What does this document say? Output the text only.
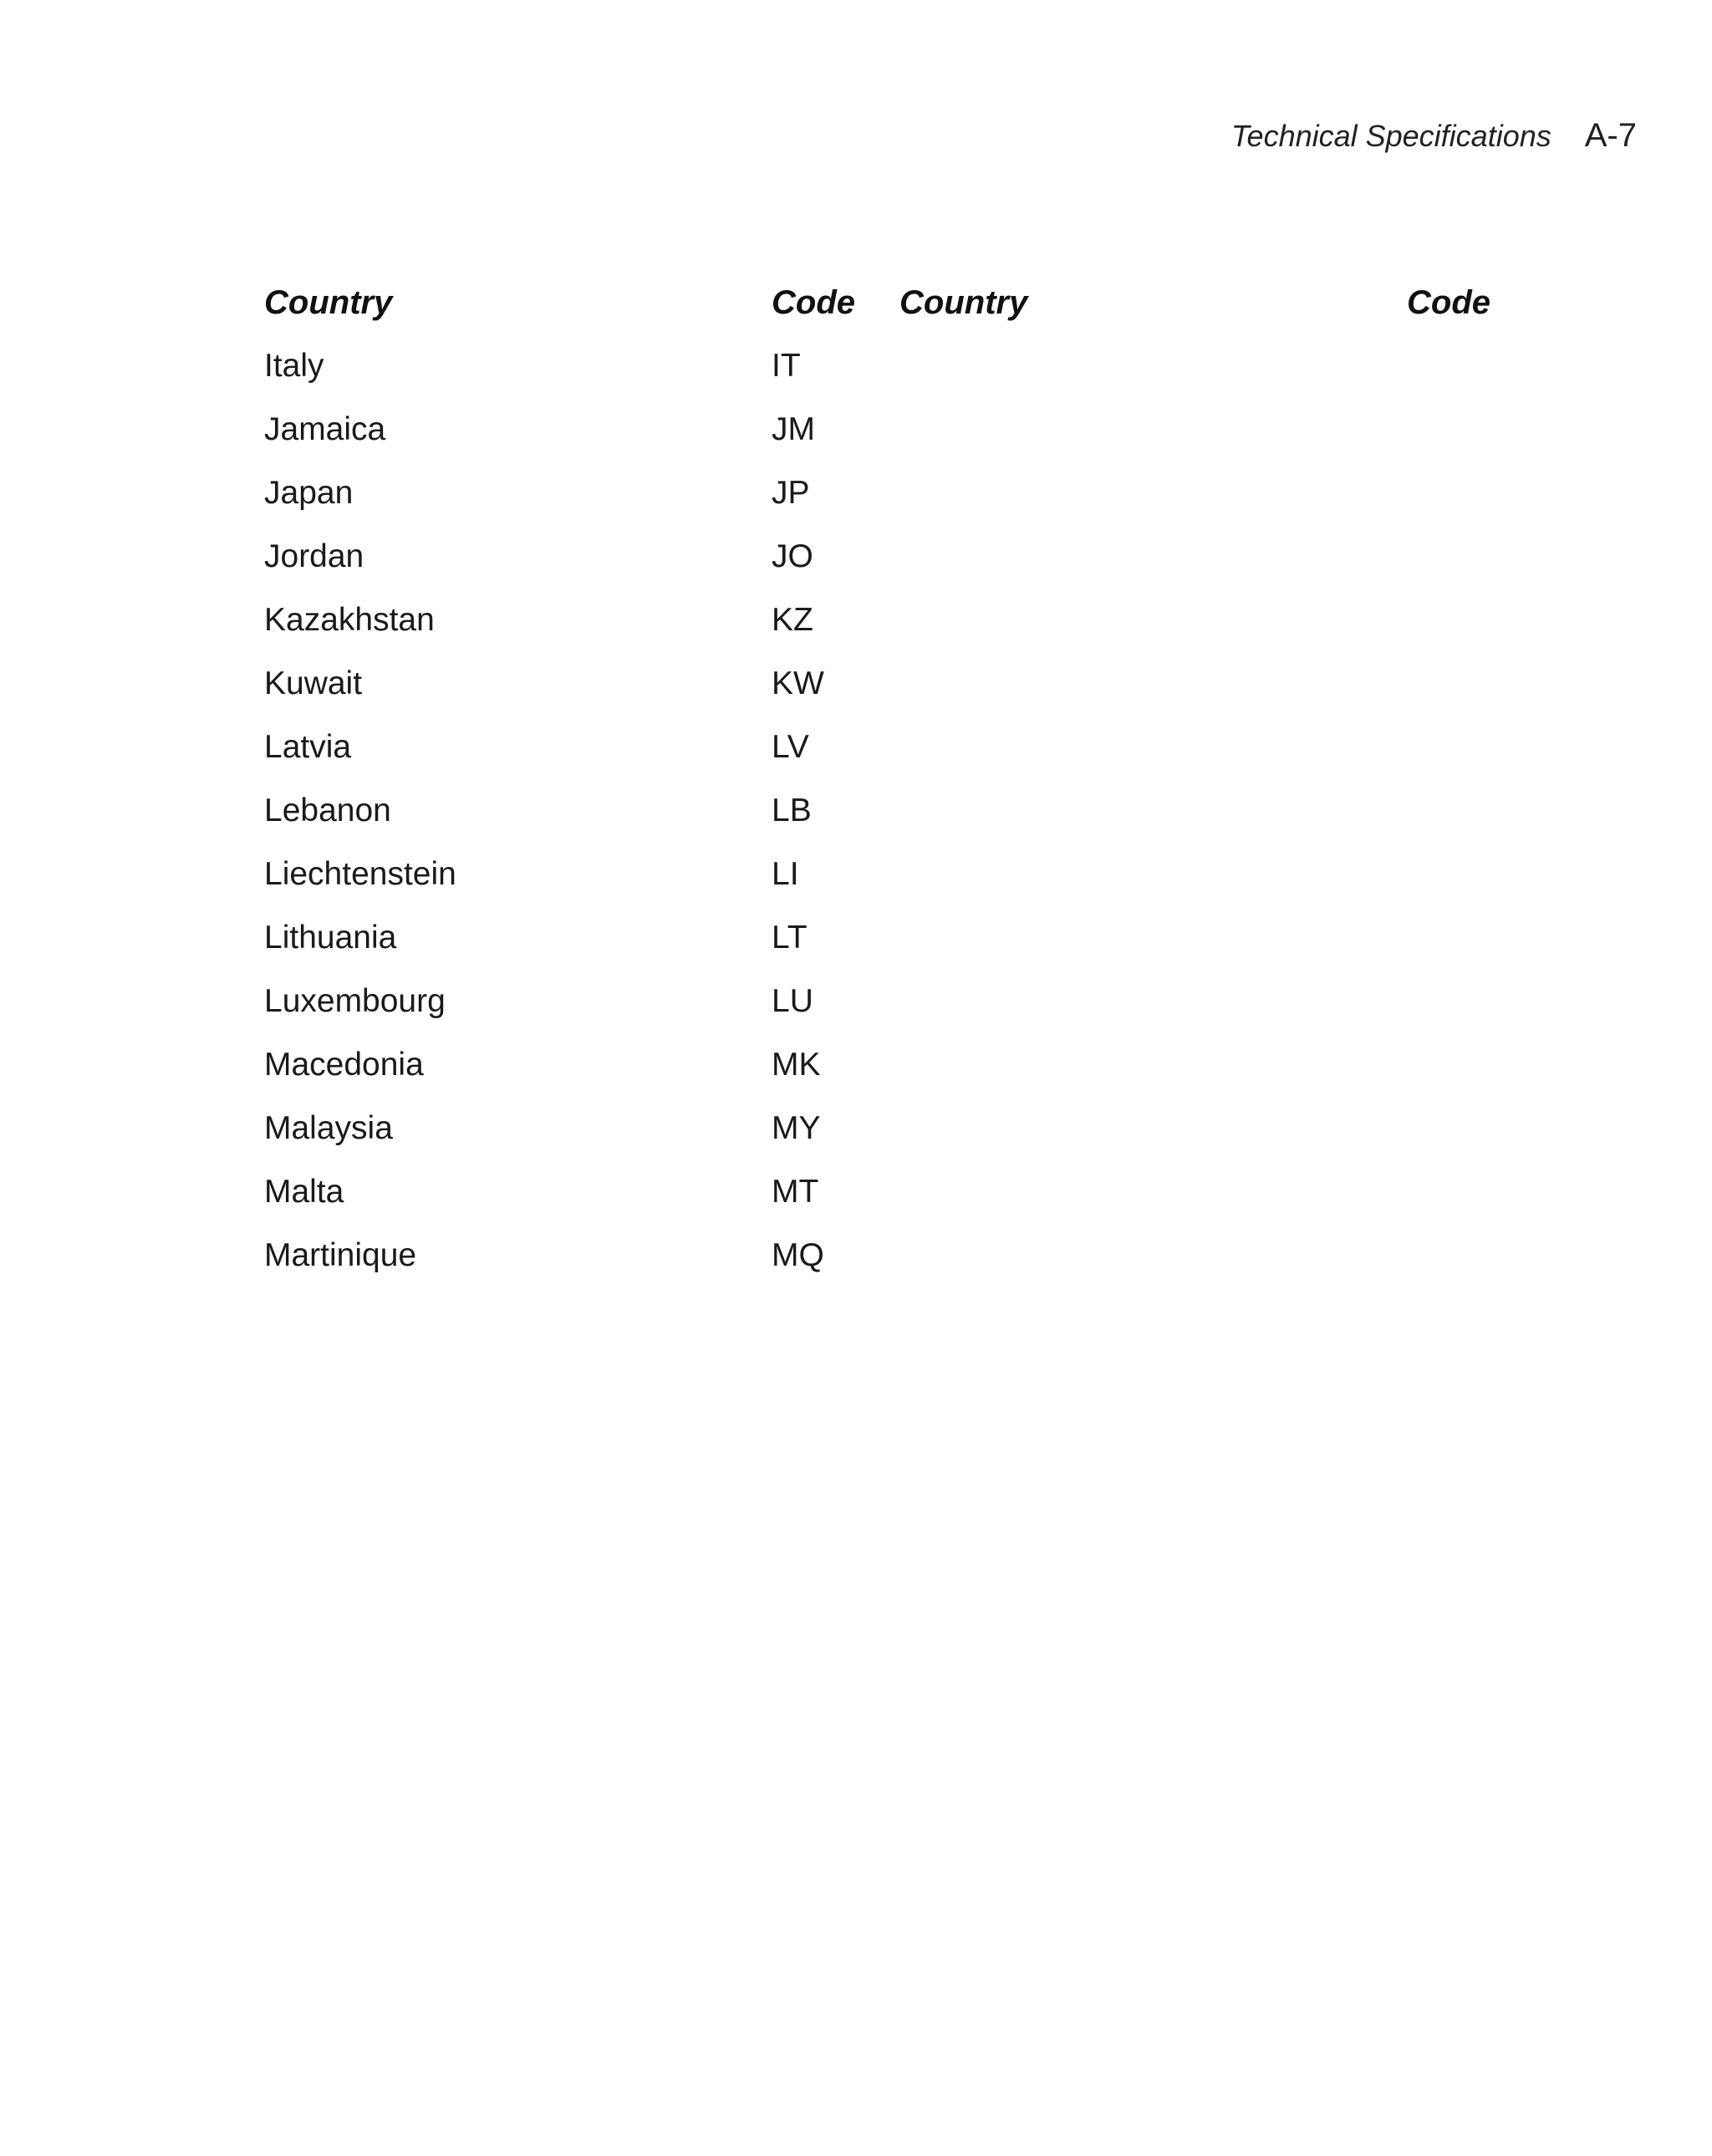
Technical Specifications A-7
Country	Code Country	Code
Italy	IT
Jamaica	JM
Japan	JP
Jordan	JO
Kazakhstan	KZ
Kuwait	KW
Latvia	LV
Lebanon	LB
Liechtenstein	LI
Lithuania	LT
Luxembourg	LU
Macedonia	MK
Malaysia	MY
Malta	MT
Martinique	MQ
